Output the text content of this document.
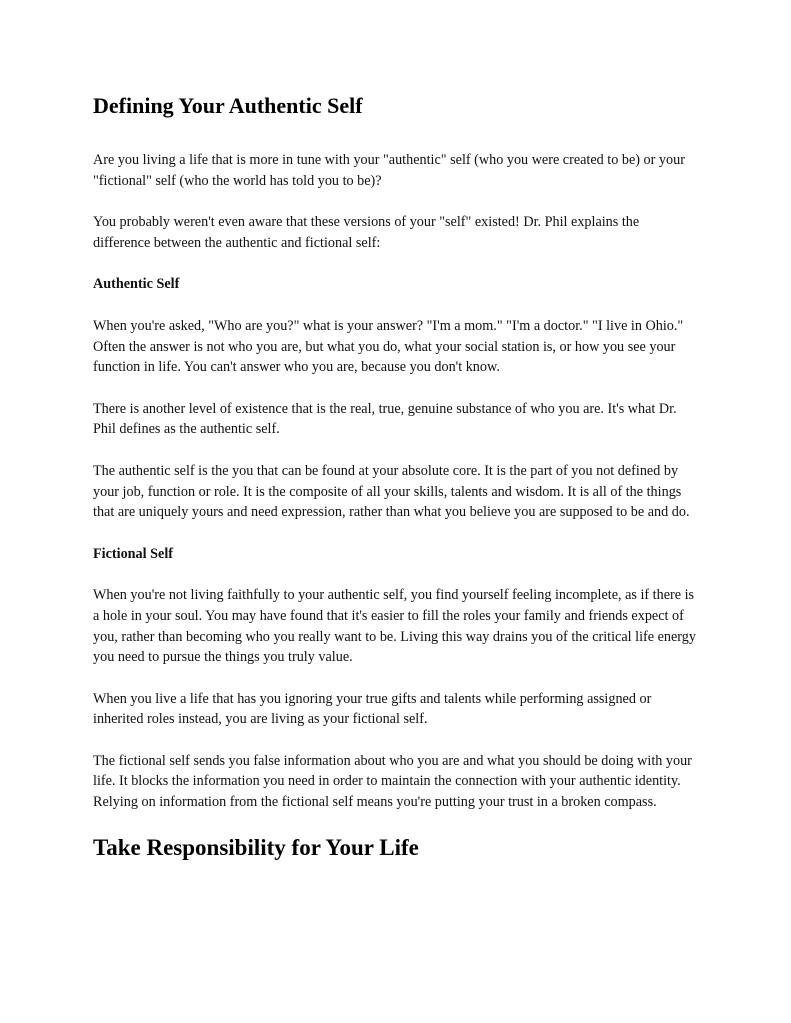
Defining Your Authentic Self

Are you living a life that is more in tune with your "authentic" self (who you were created to be) or your "fictional" self (who the world has told you to be)?

You probably weren't even aware that these versions of your "self" existed! Dr. Phil explains the difference between the authentic and fictional self:

Authentic Self

When you're asked, "Who are you?" what is your answer? "I'm a mom." "I'm a doctor." "I live in Ohio." Often the answer is not who you are, but what you do, what your social station is, or how you see your function in life. You can't answer who you are, because you don't know.

There is another level of existence that is the real, true, genuine substance of who you are. It's what Dr. Phil defines as the authentic self.

The authentic self is the you that can be found at your absolute core. It is the part of you not defined by your job, function or role. It is the composite of all your skills, talents and wisdom. It is all of the things that are uniquely yours and need expression, rather than what you believe you are supposed to be and do.

Fictional Self

When you're not living faithfully to your authentic self, you find yourself feeling incomplete, as if there is a hole in your soul. You may have found that it's easier to fill the roles your family and friends expect of you, rather than becoming who you really want to be. Living this way drains you of the critical life energy you need to pursue the things you truly value.

When you live a life that has you ignoring your true gifts and talents while performing assigned or inherited roles instead, you are living as your fictional self.

The fictional self sends you false information about who you are and what you should be doing with your life. It blocks the information you need in order to maintain the connection with your authentic identity. Relying on information from the fictional self means you're putting your trust in a broken compass.

Take Responsibility for Your Life
